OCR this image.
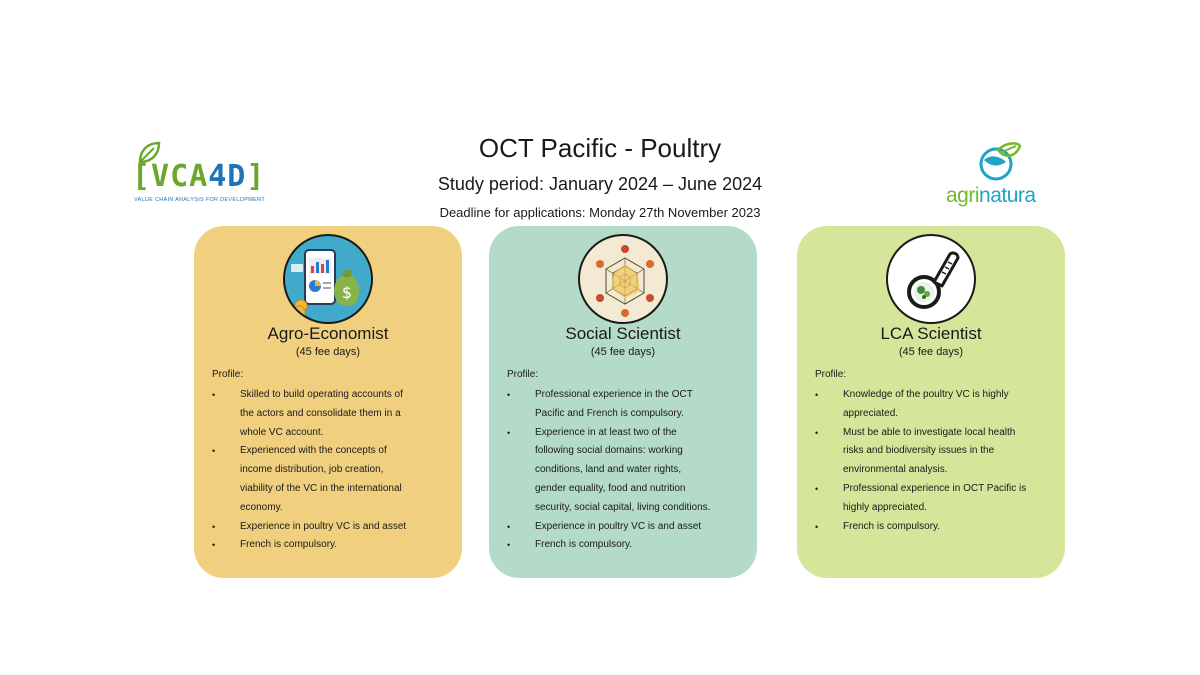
OCT Pacific - Poultry
Study period: January 2024 – June 2024
Deadline for applications: Monday 27th November 2023
[VCA4D]
VALUE CHAIN ANALYSIS FOR DEVELOPMENT	agrinatura
$
Agro-Economist
(45 fee days)
Profile:
• Skilled to build operating accounts of
the actors and consolidate them in a
whole VC account.
• Experienced with the concepts of
income distribution, job creation,
viability of the VC in the international
economy.
• Experience in poultry VC is and asset
• French is compulsory.
Social Scientist
(45 fee days)
Profile:
• Professional experience in the OCT
Pacific and French is compulsory.
• Experience in at least two of the
following social domains: working
conditions, land and water rights,
gender equality, food and nutrition
security, social capital, living conditions.
• Experience in poultry VC is and asset
• French is compulsory.
LCA Scientist
(45 fee days)
Profile:
• Knowledge of the poultry VC is highly
appreciated.
• Must be able to investigate local health
risks and biodiversity issues in the
environmental analysis.
• Professional experience in OCT Pacific is
highly appreciated.
• French is compulsory.
